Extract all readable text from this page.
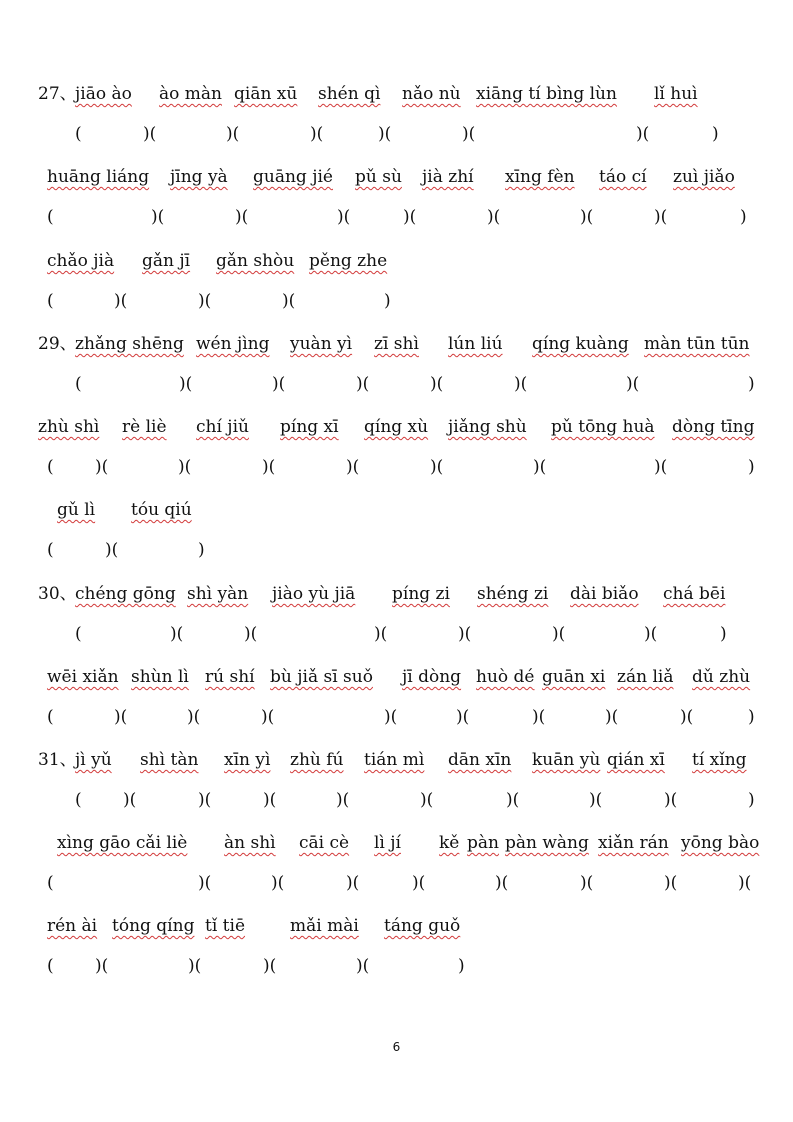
27、
jiāo ào ào màn qiān xū shén qì nǎo nù xiāng tí bìng lùn lǐ huì
(	)(	)(	)(	)(	)(	)(	)
huāng liáng jīng yà guāng jié pǔ sù jià zhí xīng fèn táo cí zuì jiǎo
(	)(	)(	)(	)(	)(	)(	)(	)
chǎo jià gǎn jī gǎn shòu pěng zhe
(	)(	)(	)(	)
29、
zhǎng shēng wén jìng yuàn yì zī shì lún liú qíng kuàng màn tūn tūn
(	)(	)(	)(	)(	)(	)(	)
zhù shì rè liè chí jiǔ píng xī qíng xù jiǎng shù pǔ tōng huà dòng tīng
( )(	)(	)(	)(	)(	)(	)(	)
gǔ lì tóu qiú
(	)(	)
30、
chéng gōng shì yàn jiào yù jiā píng zi shéng zi dài biǎo chá bēi
(	)(	)(	)(	)(	)(	)(	)
wēi xiǎn shùn lì rú shí bù jiǎ sī suǒ jī dòng huò dé guān xi zán liǎ dǔ zhù
(	)(	)(	)(	)(	)(	)(	)(	)(	)
31、
jì yǔ shì tàn xīn yì zhù fú tián mì dān xīn kuān yù qián xī tí xǐng
( )(	)(	)(	)(	)(	)(	)(	)(	)
xìng gāo cǎi liè àn shì cāi cè lì jí kě pàn pàn wàng xiǎn rán yōng bào
(	)(	)(	)(	)(	)(	)(	)(	)(
rén ài tóng qíng tǐ tiē	mǎi mài táng guǒ
( )(	)(	)(	)(	)
6
